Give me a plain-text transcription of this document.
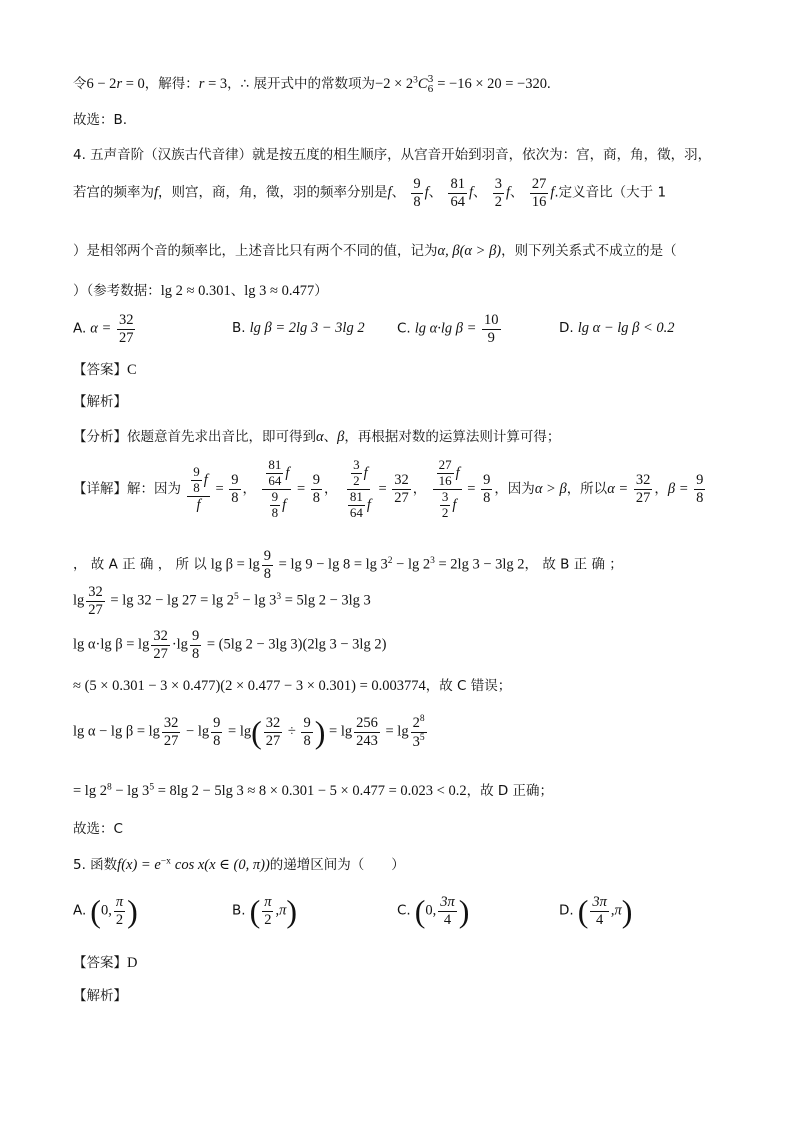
令6 − 2r = 0，解得：r = 3，∴ 展开式中的常数项为$-2 \times 2^3C$ 3
6 = −16 × 20 = −320.
故选：B.
4. 五声音阶（汉族古代音律）就是按五度的相生顺序，从宫音开始到羽音，依次为：宫，商，角，徵，羽，
若宫的频率为f，则宫，商，角，徵，羽的频率分别是f、 $\frac{9}{8}$ f、 $\frac{81}{64}$ f、 $\frac{3}{2}$ f、 $\frac{27}{16} f$.定义音比（大于 1
）是相邻两个音的频率比，上述音比只有两个不同的值，记为α, β(α > β)，则下列关系式不成立的是（
）（参考数据：lg 2 ≈ 0.301、lg 3 ≈ 0.477）
A. $\alpha = \frac{32}{27}$	B. lg β = 2lg 3 − 3lg 2 C. lg α·lg $\beta = \frac{10}{9}$	D. lg α − lg β < 0.2
【答案】C
【解析】
【分析】依题意首先求出音比，即可得到α、β，再根据对数的运算法则计算可得；
【详解】解：因为 $\frac{\frac{9}{8} f}{f} = \frac{9}{8}$ ， $\frac{\frac{81}{64} f}{\frac{9}{8} f} = \frac{9}{8}$ ， $\frac{\frac{3}{2} f}{\frac{81}{64} f} = \frac{32}{27}$ ， $\frac{\frac{27}{16} f}{\frac{3}{2} f} = \frac{9}{8}$ ，因为α > β，所以$\alpha = \frac{32}{27}$ ，$\beta = \frac{9}{8}$
， 故 A 正 确 ， 所 以 $\lg \beta = \lg \frac{9}{8} = \lg 9 - \lg 8 = \lg 3^2 - \lg 2^3 = 2\lg$ 3 − 3lg 2， 故 B 正 确 ；
$\lg \frac{32}{27} = \lg 32 - \lg 27 = \lg 2^5 - \lg 3^3 = 5\lg$ 2 − 3lg 3
lg α·lg $\beta = \lg \frac{32}{27} \cdot\lg \frac{9}{8} = (5\lg$ 2 − 3lg 3)(2lg 3 − 3lg 2)
≈ (5 × 0.301 − 3 × 0.477)(2 × 0.477 − 3 × 0.301) = 0.003774，故 C 错误；
$\lg \alpha - \lg \beta = \lg \frac{32}{27} - \lg \frac{9}{8} = \lg( \frac{32}{27} \div \frac{9}{8}$ ) = $\lg \frac{256}{243} = \lg \frac{2^8}{3^5}$
= $\lg 2^8 - \lg 3^5 = 8\lg$ 2 − 5lg 3 ≈ 8 × 0.301 − 5 × 0.477 = 0.023 < 0.2，故 D 正确；
故选：C
5. 函数$f(x) = e^{-x}$ cos x(x ∈ (0, π))的递增区间为（　　）
A. (0, $\frac{\pi}{2}$ )	B. ( $\frac{\pi}{2} ,\pi$)	C. (0, $\frac{3\pi}{4}$ )	D. ( $\frac{3\pi}{4} ,\pi$)
【答案】D
【解析】
